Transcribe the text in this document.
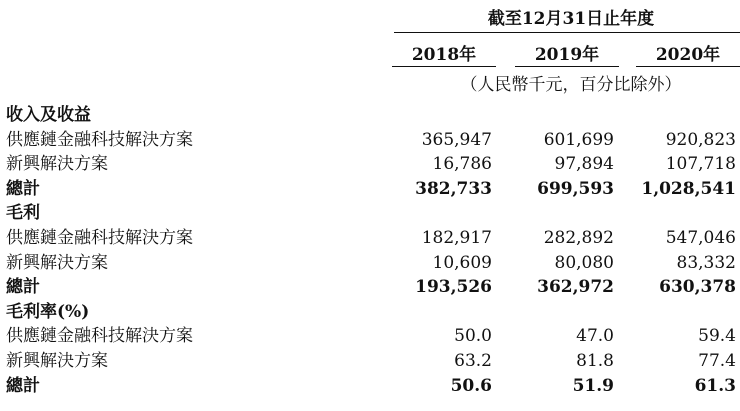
截至12月31日止年度
2018年	2019年	2020年
（人民幣千元，百分比除外）
收入及收益
供應鏈金融科技解決方案	365,947	601,699	920,823
新興解決方案	16,786	97,894	107,718
總計	382,733	699,593	1,028,541
毛利
供應鏈金融科技解決方案	182,917	282,892	547,046
新興解決方案	10,609	80,080	83,332
總計	193,526	362,972	630,378
毛利率(%)
供應鏈金融科技解決方案	50.0	47.0	59.4
新興解決方案	63.2	81.8	77.4
總計	50.6	51.9	61.3
